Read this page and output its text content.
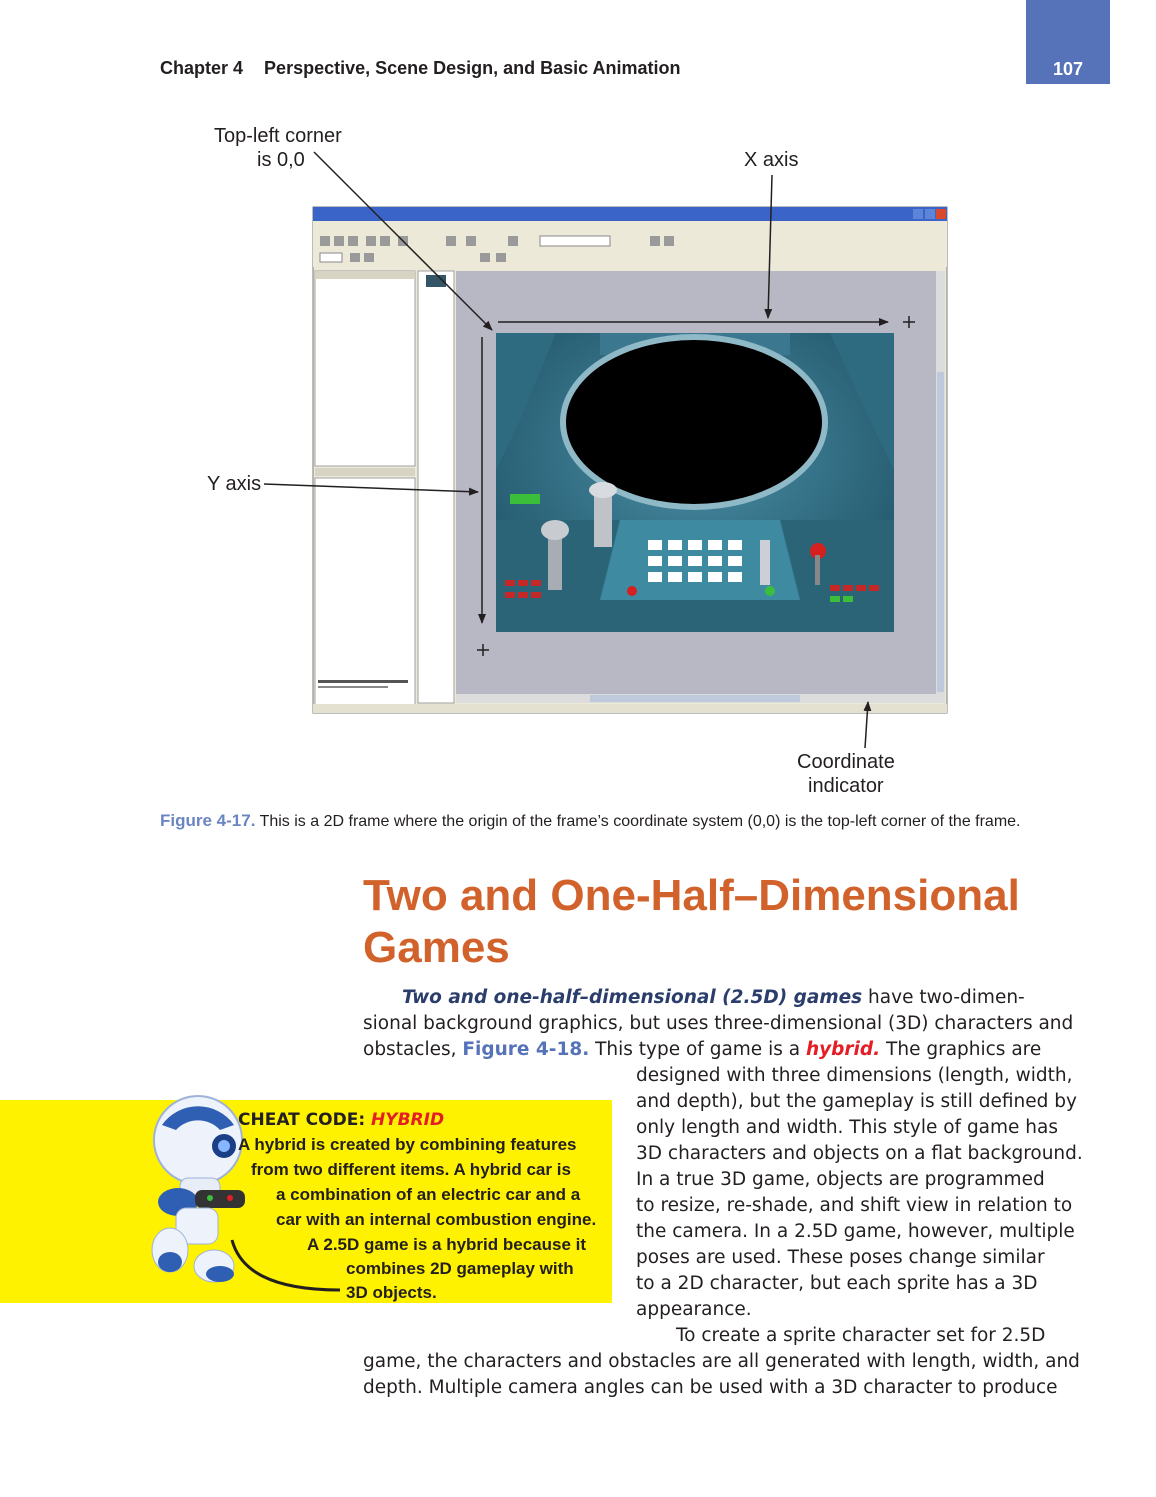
Chapter 4 Perspective, Scene Design, and Basic Animation	107
Top-left corner
is 0,0	X axis
Y axis
Coordinate
indicator
Figure 4-17. This is a 2D frame where the origin of the frame’s coordinate system (0,0) is the top-left corner of the frame.
Two and One-Half–Dimensional
Games
Two and one-half–dimensional (2.5D) games have two-dimen-
sional background graphics, but uses three-dimensional (3D) characters and
obstacles, Figure 4-18. This type of game is a hybrid. The graphics are
designed with three dimensions (length, width,
and depth), but the gameplay is still defined by
only length and width. This style of game has
3D characters and objects on a flat background.
In a true 3D game, objects are programmed
to resize, re-shade, and shift view in relation to
the camera. In a 2.5D game, however, multiple
poses are used. These poses change similar
to a 2D character, but each sprite has a 3D
appearance.
To create a sprite character set for 2.5D
game, the characters and obstacles are all generated with length, width, and
depth. Multiple camera angles can be used with a 3D character to produce
CHEAT CODE: HYBRID
A hybrid is created by combining features
from two different items. A hybrid car is
a combination of an electric car and a
car with an internal combustion engine.
A 2.5D game is a hybrid because it
combines 2D gameplay with
3D objects.
